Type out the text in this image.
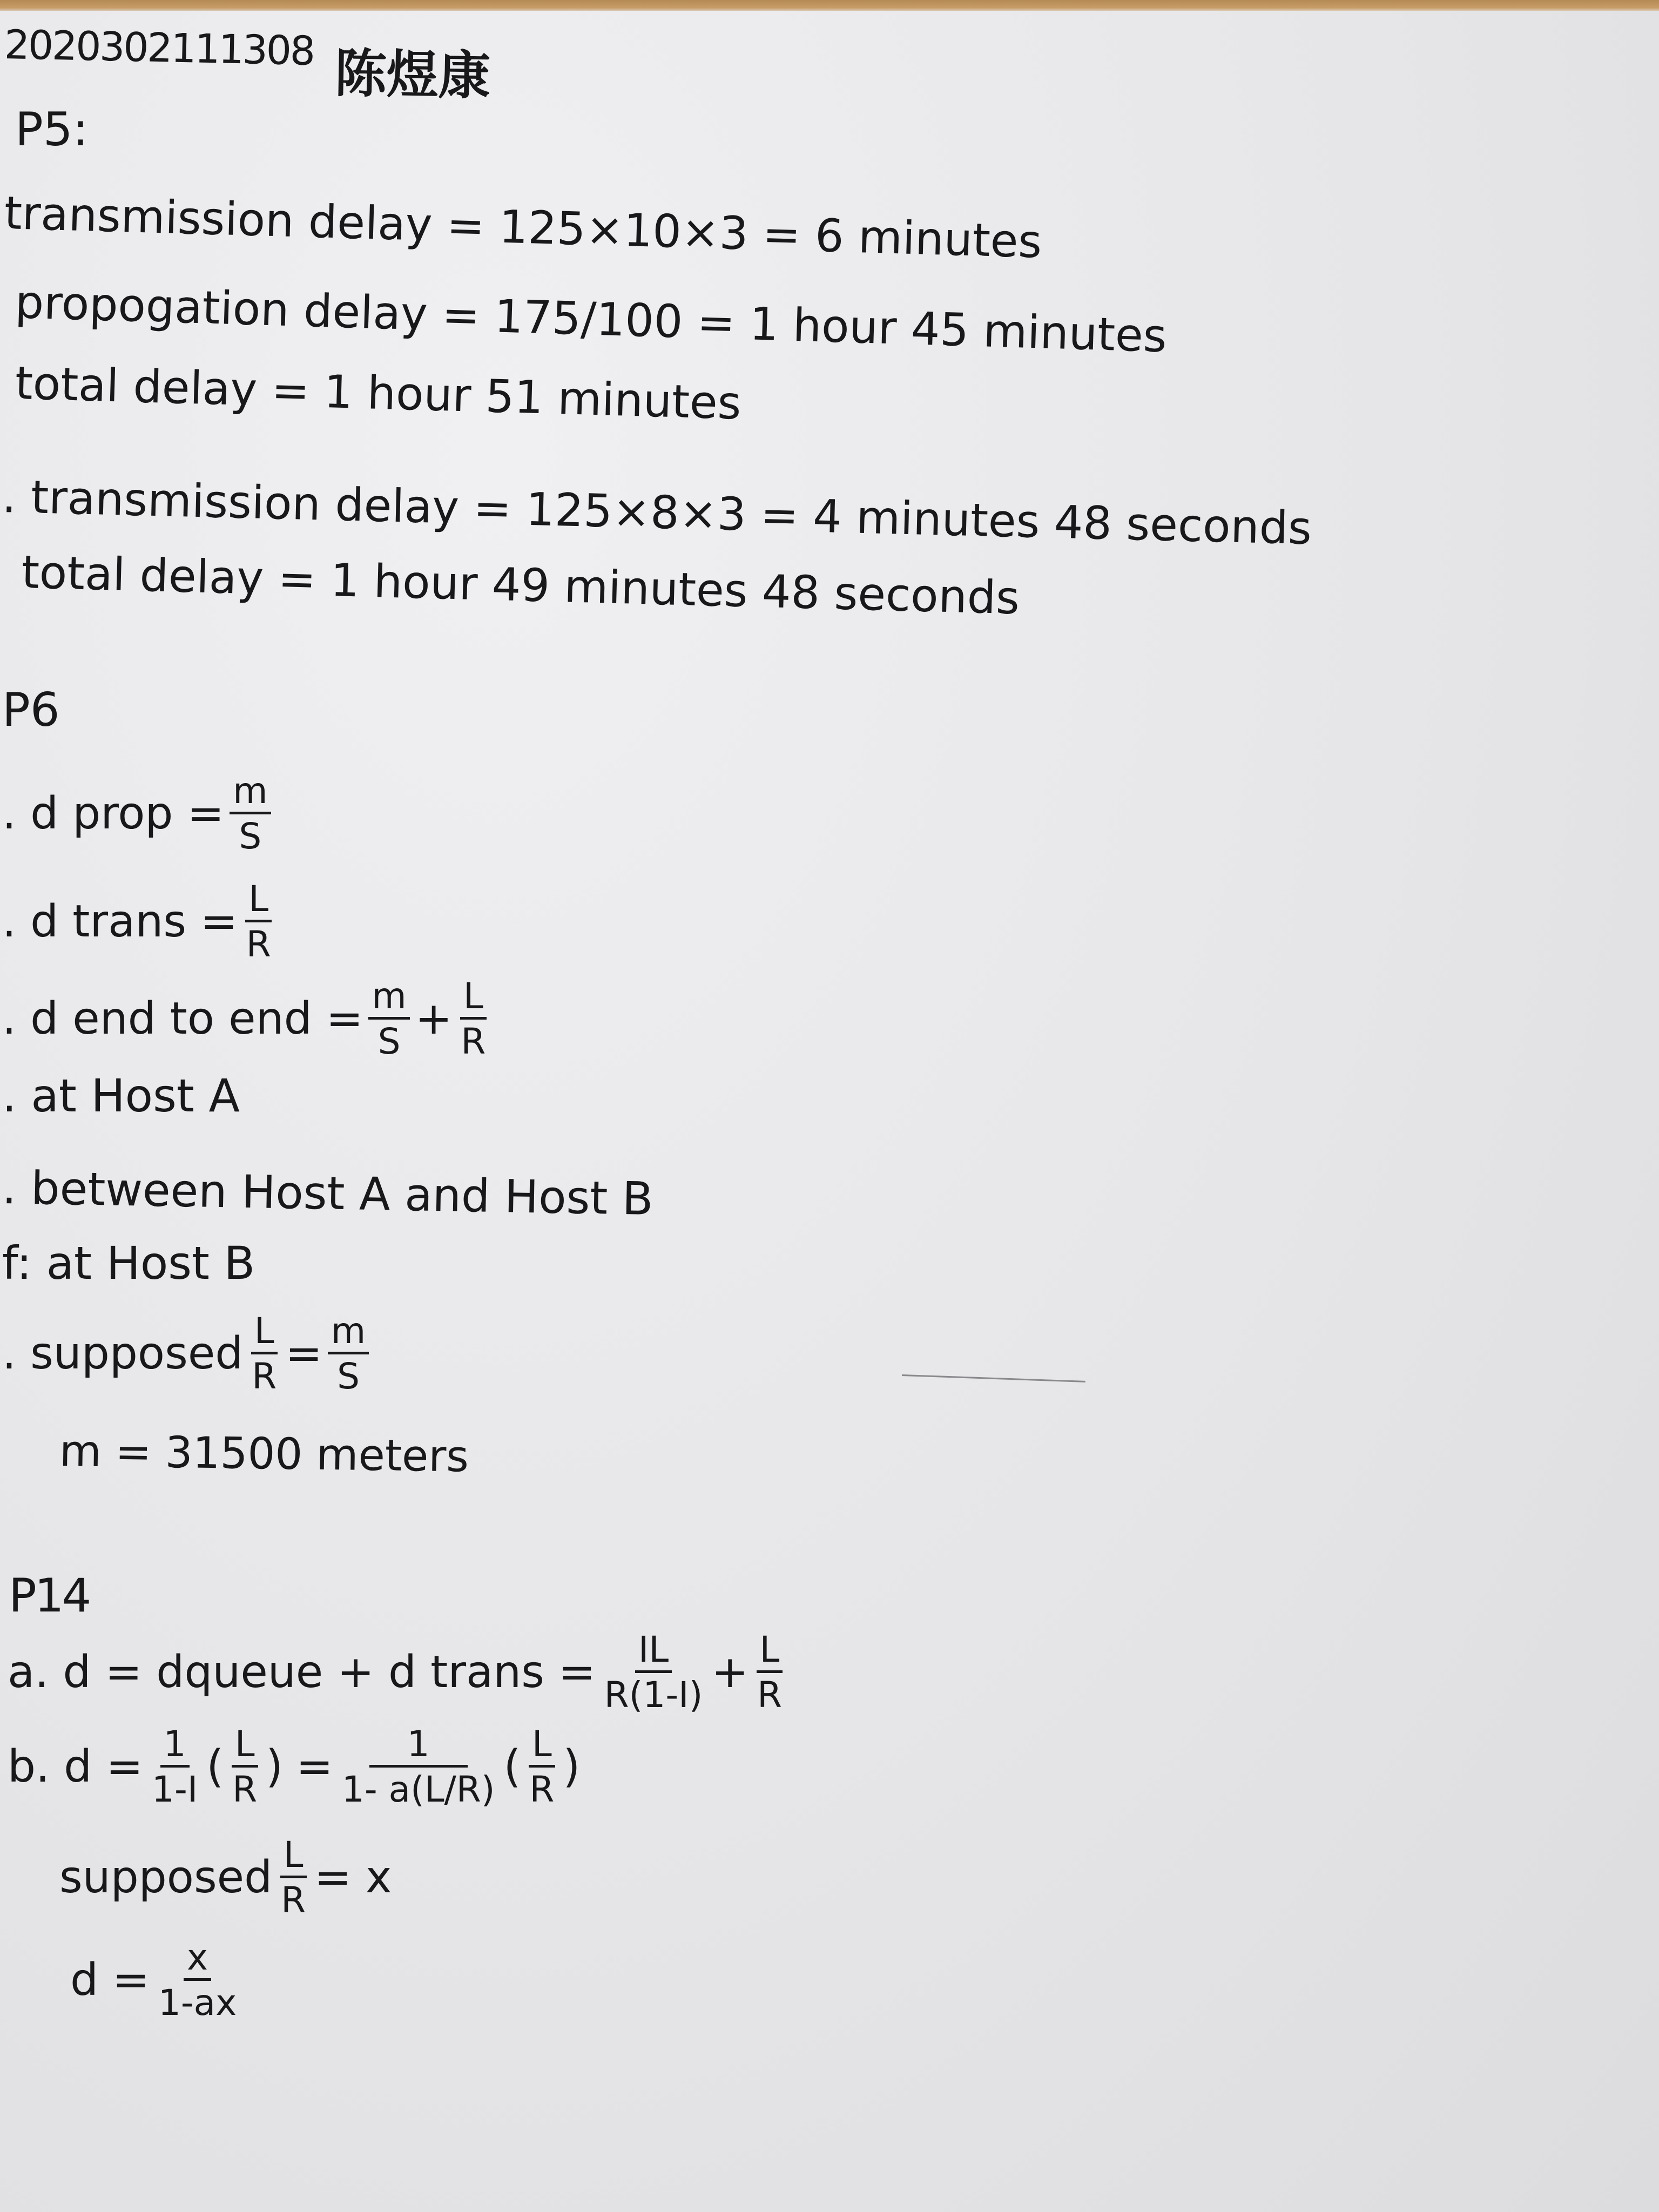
2020302111308 陈煜康
P5:
transmission delay = 125×10×3 = 6 minutes
propogation delay = 175/100 = 1 hour 45 minutes
total delay = 1 hour 51 minutes
. transmission delay = 125×8×3 = 4 minutes 48 seconds
total delay = 1 hour 49 minutes 48 seconds
P6
. d prop = $\frac{m}{S}$
. d trans = $\frac{L}{R}$
. d end to end = $\frac{m}{S} + \frac{L}{R}$
. at Host A
. between Host A and Host B
f: at Host B
. supposed $\frac{L}{R} = \frac{m}{S}$
m = 31500 meters
P14
a. d = dqueue + d trans = $\frac{IL}{R(1-I)} + \frac{L}{R}$
b. $d = \frac{1}{1-I}$ ( $\frac{L}{R}$ ) = $\frac{1}{1- a(L/R)}$ ( $\frac{L}{R}$ )
supposed $\frac{L}{R} = x$
$d = \frac{x}{1-ax}$
